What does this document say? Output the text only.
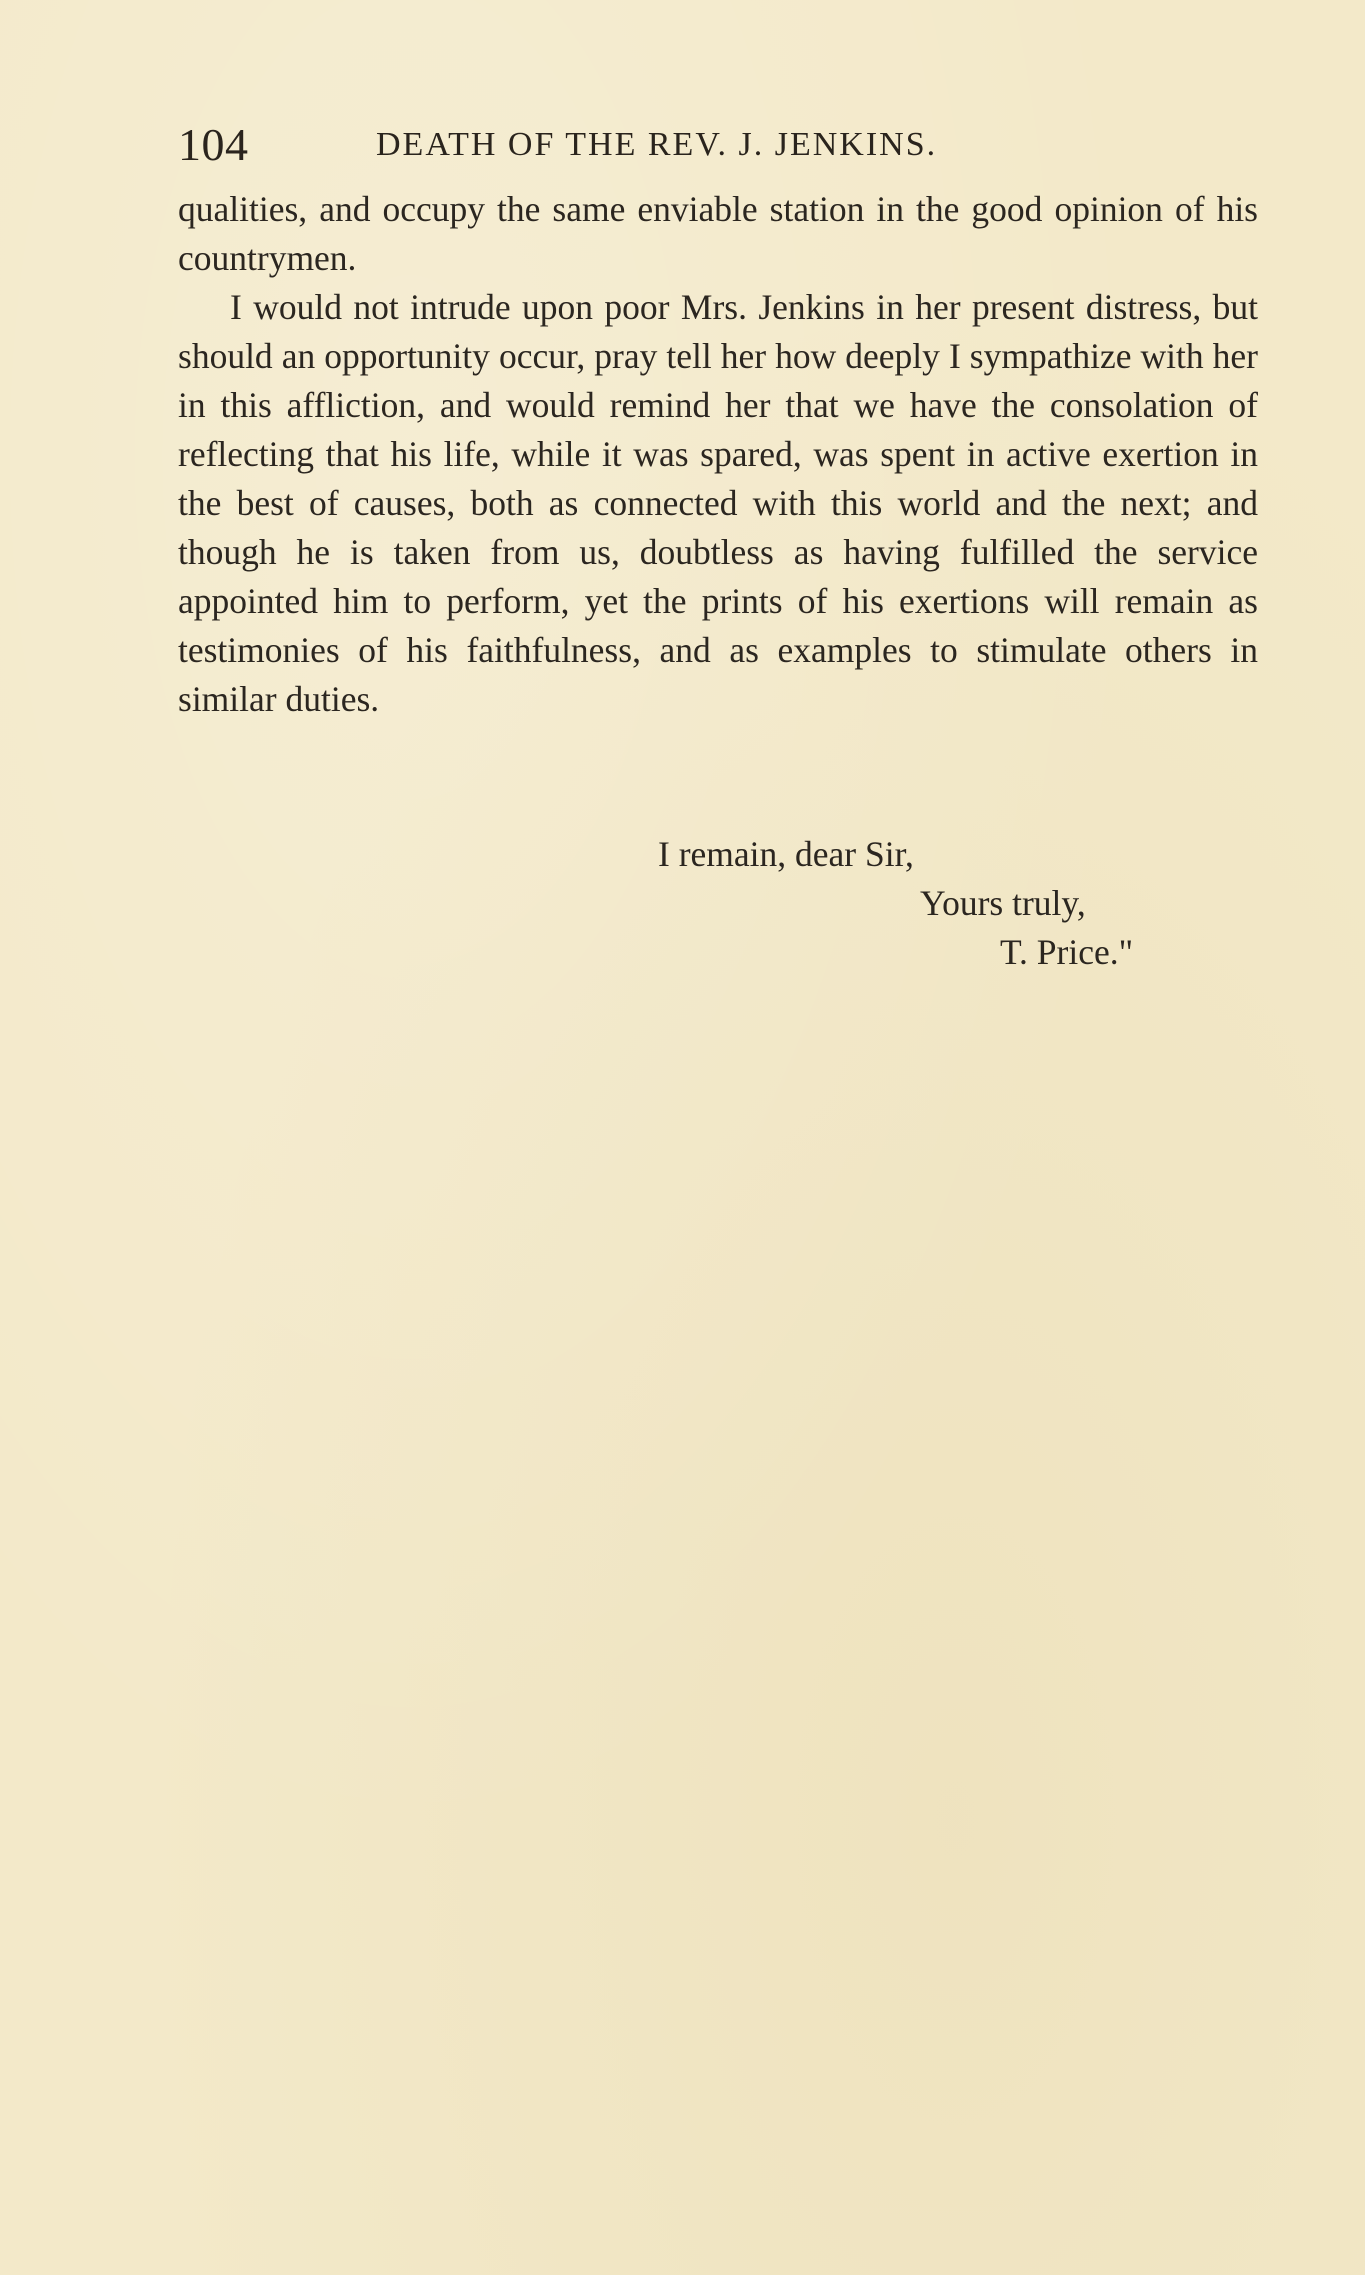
104	DEATH OF THE REV. J. JENKINS.

qualities, and occupy the same enviable station in the good opinion of his countrymen.

I would not intrude upon poor Mrs. Jenkins in her present distress, but should an opportunity occur, pray tell her how deeply I sympathize with her in this affliction, and would remind her that we have the consolation of reflecting that his life, while it was spared, was spent in active exertion in the best of causes, both as connected with this world and the next; and though he is taken from us, doubtless as having fulfilled the service appointed him to perform, yet the prints of his exertions will remain as testimonies of his faithfulness, and as examples to stimulate others in similar duties.

I remain, dear Sir,
Yours truly,
T. Price."
